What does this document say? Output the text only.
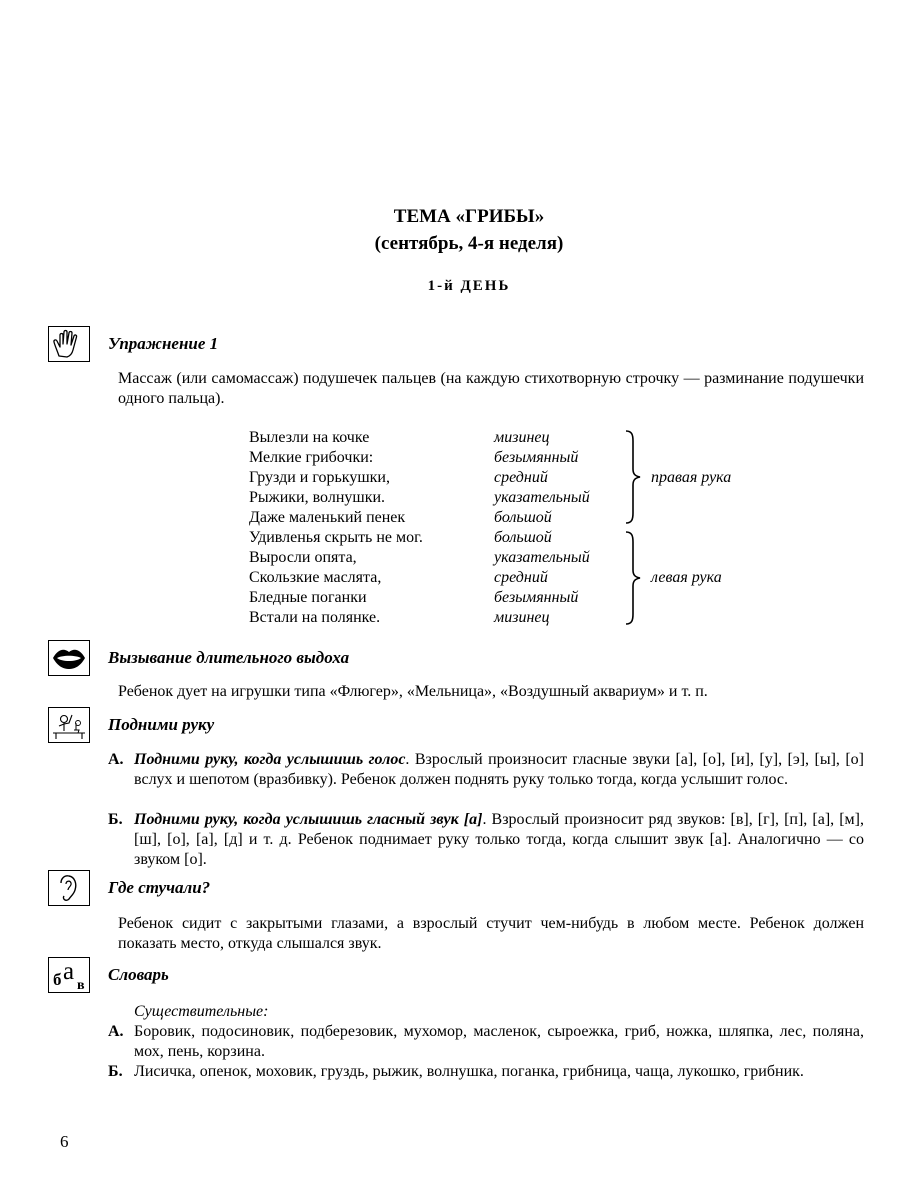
ТЕМА «ГРИБЫ»
(сентябрь, 4-я неделя)
1-й ДЕНЬ
Упражнение 1
Массаж (или самомассаж) подушечек пальцев (на каждую стихотворную строчку — разминание подушечки одного пальца).
Вылезли на кочке
Мелкие грибочки:
Грузди и горькушки,
Рыжики, волнушки.
Даже маленький пенек
Удивленья скрыть не мог.
Выросли опята,
Скользкие маслята,
Бледные поганки
Встали на полянке.
мизинец
безымянный
средний
указательный
большой
большой
указательный
средний
безымянный
мизинец
правая рука
левая рука
Вызывание длительного выдоха
Ребенок дует на игрушки типа «Флюгер», «Мельница», «Воздушный аквариум» и т. п.
Подними руку
А. Подними руку, когда услышишь голос. Взрослый произносит гласные звуки [а], [о], [и], [у], [э], [ы], [о] вслух и шепотом (вразбивку). Ребенок должен поднять руку только тогда, когда услышит голос.
Б. Подними руку, когда услышишь гласный звук [а]. Взрослый произносит ряд звуков: [в], [г], [п], [а], [м], [ш], [о], [а], [д] и т. д. Ребенок поднимает руку только тогда, когда слышит звук [а]. Аналогично — со звуком [о].
Где стучали?
Ребенок сидит с закрытыми глазами, а взрослый стучит чем-нибудь в любом месте. Ребенок должен показать место, откуда слышался звук.
б а
в
Словарь
Существительные:
А. Боровик, подосиновик, подберезовик, мухомор, масленок, сыроежка, гриб, ножка, шляпка, лес, поляна, мох, пень, корзина.
Б. Лисичка, опенок, моховик, груздь, рыжик, волнушка, поганка, грибница, чаща, лукошко, грибник.
6
